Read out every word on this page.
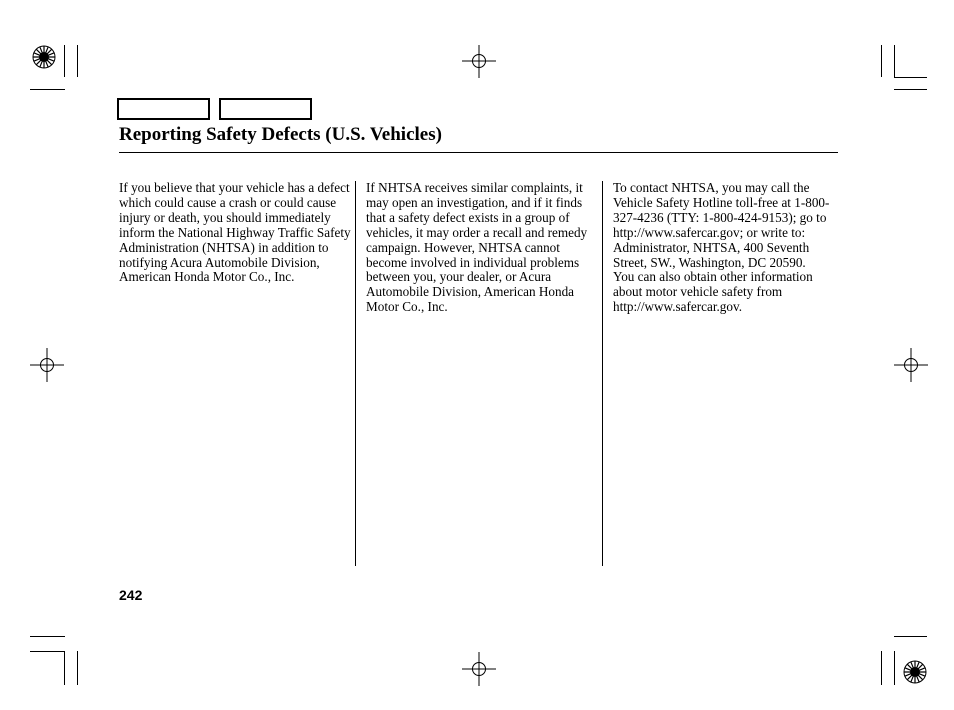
Reporting Safety Defects (U.S. Vehicles)

If you believe that your vehicle has a defect which could cause a crash or could cause injury or death, you should immediately inform the National Highway Traffic Safety Administration (NHTSA) in addition to notifying Acura Automobile Division, American Honda Motor Co., Inc.

If NHTSA receives similar complaints, it may open an investigation, and if it finds that a safety defect exists in a group of vehicles, it may order a recall and remedy campaign. However, NHTSA cannot become involved in individual problems between you, your dealer, or Acura Automobile Division, American Honda Motor Co., Inc.

To contact NHTSA, you may call the Vehicle Safety Hotline toll-free at 1-800-327-4236 (TTY: 1-800-424-9153); go to http://www.safercar.gov; or write to: Administrator, NHTSA, 400 Seventh Street, SW., Washington, DC 20590.

You can also obtain other information about motor vehicle safety from http://www.safercar.gov.

242
